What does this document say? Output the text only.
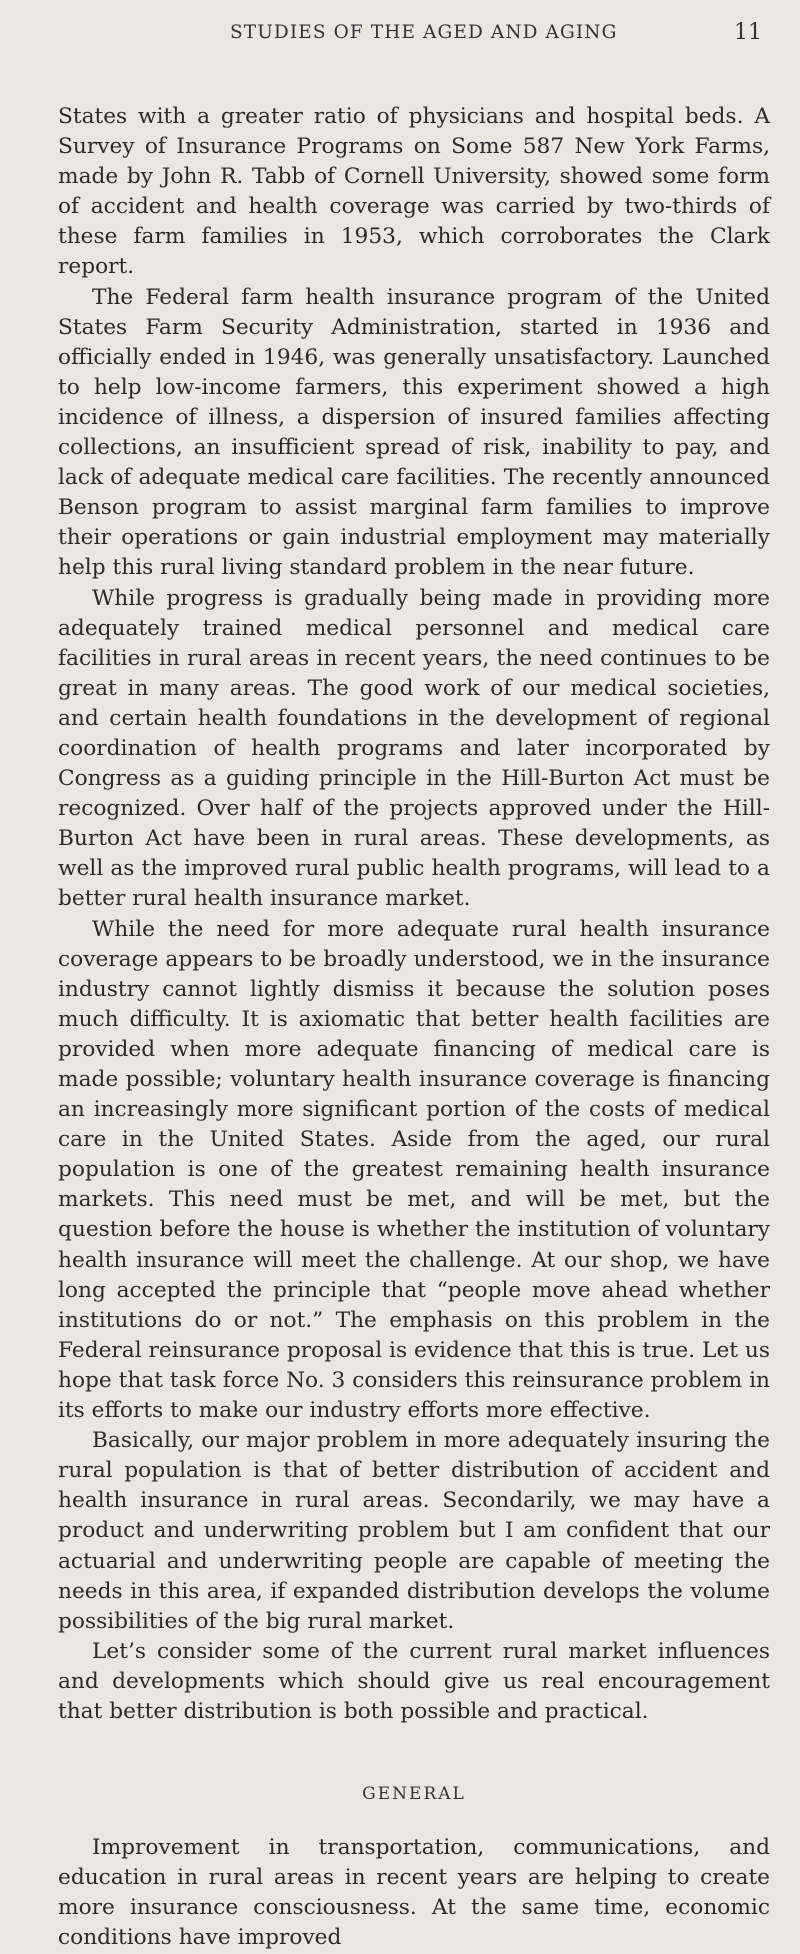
STUDIES OF THE AGED AND AGING	11

States with a greater ratio of physicians and hospital beds. A Survey of Insurance Programs on Some 587 New York Farms, made by John R. Tabb of Cornell University, showed some form of accident and health coverage was carried by two-thirds of these farm families in 1953, which corroborates the Clark report.

The Federal farm health insurance program of the United States Farm Security Administration, started in 1936 and officially ended in 1946, was generally unsatisfactory. Launched to help low-income farmers, this experiment showed a high incidence of illness, a dispersion of insured families affecting collections, an insufficient spread of risk, inability to pay, and lack of adequate medical care facilities. The recently announced Benson program to assist marginal farm families to improve their operations or gain industrial employment may materially help this rural living standard problem in the near future.

While progress is gradually being made in providing more adequately trained medical personnel and medical care facilities in rural areas in recent years, the need continues to be great in many areas. The good work of our medical societies, and certain health foundations in the development of regional coordination of health programs and later incorporated by Congress as a guiding principle in the Hill-Burton Act must be recognized. Over half of the projects approved under the Hill-Burton Act have been in rural areas. These developments, as well as the improved rural public health programs, will lead to a better rural health insurance market.

While the need for more adequate rural health insurance coverage appears to be broadly understood, we in the insurance industry cannot lightly dismiss it because the solution poses much difficulty. It is axiomatic that better health facilities are provided when more adequate financing of medical care is made possible; voluntary health insurance coverage is financing an increasingly more significant portion of the costs of medical care in the United States. Aside from the aged, our rural population is one of the greatest remaining health insurance markets. This need must be met, and will be met, but the question before the house is whether the institution of voluntary health insurance will meet the challenge. At our shop, we have long accepted the principle that “people move ahead whether institutions do or not.” The emphasis on this problem in the Federal reinsurance proposal is evidence that this is true. Let us hope that task force No. 3 considers this reinsurance problem in its efforts to make our industry efforts more effective.

Basically, our major problem in more adequately insuring the rural population is that of better distribution of accident and health insurance in rural areas. Secondarily, we may have a product and underwriting problem but I am confident that our actuarial and underwriting people are capable of meeting the needs in this area, if expanded distribution develops the volume possibilities of the big rural market.

Let’s consider some of the current rural market influences and developments which should give us real encouragement that better distribution is both possible and practical.

GENERAL

Improvement in transportation, communications, and education in rural areas in recent years are helping to create more insurance consciousness. At the same time, economic conditions have improved
